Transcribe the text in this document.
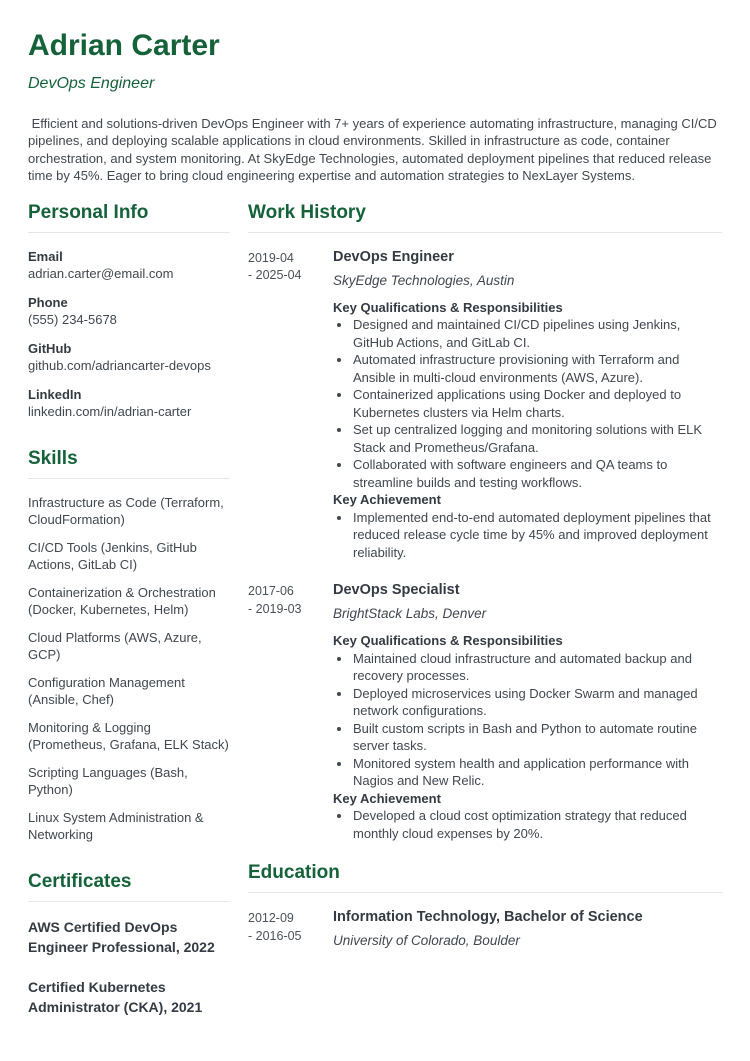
Adrian Carter
DevOps Engineer

Efficient and solutions-driven DevOps Engineer with 7+ years of experience automating infrastructure, managing CI/CD pipelines, and deploying scalable applications in cloud environments. Skilled in infrastructure as code, container orchestration, and system monitoring. At SkyEdge Technologies, automated deployment pipelines that reduced release time by 45%. Eager to bring cloud engineering expertise and automation strategies to NexLayer Systems.

Personal Info
Email
adrian.carter@email.com
Phone
(555) 234-5678
GitHub
github.com/adriancarter-devops
LinkedIn
linkedin.com/in/adrian-carter
Skills
Infrastructure as Code (Terraform, CloudFormation)
CI/CD Tools (Jenkins, GitHub Actions, GitLab CI)
Containerization & Orchestration (Docker, Kubernetes, Helm)
Cloud Platforms (AWS, Azure, GCP)
Configuration Management (Ansible, Chef)
Monitoring & Logging (Prometheus, Grafana, ELK Stack)
Scripting Languages (Bash, Python)
Linux System Administration & Networking
Certificates
AWS Certified DevOps Engineer Professional, 2022
Certified Kubernetes Administrator (CKA), 2021
Work History
2019-04
- 2025-04
DevOps Engineer
SkyEdge Technologies, Austin
Key Qualifications & Responsibilities
• Designed and maintained CI/CD pipelines using Jenkins, GitHub Actions, and GitLab CI.
• Automated infrastructure provisioning with Terraform and Ansible in multi-cloud environments (AWS, Azure).
• Containerized applications using Docker and deployed to Kubernetes clusters via Helm charts.
• Set up centralized logging and monitoring solutions with ELK Stack and Prometheus/Grafana.
• Collaborated with software engineers and QA teams to streamline builds and testing workflows.
Key Achievement
• Implemented end-to-end automated deployment pipelines that reduced release cycle time by 45% and improved deployment reliability.
2017-06
- 2019-03
DevOps Specialist
BrightStack Labs, Denver
Key Qualifications & Responsibilities
• Maintained cloud infrastructure and automated backup and recovery processes.
• Deployed microservices using Docker Swarm and managed network configurations.
• Built custom scripts in Bash and Python to automate routine server tasks.
• Monitored system health and application performance with Nagios and New Relic.
Key Achievement
• Developed a cloud cost optimization strategy that reduced monthly cloud expenses by 20%.
Education
2012-09
- 2016-05
Information Technology, Bachelor of Science
University of Colorado, Boulder
